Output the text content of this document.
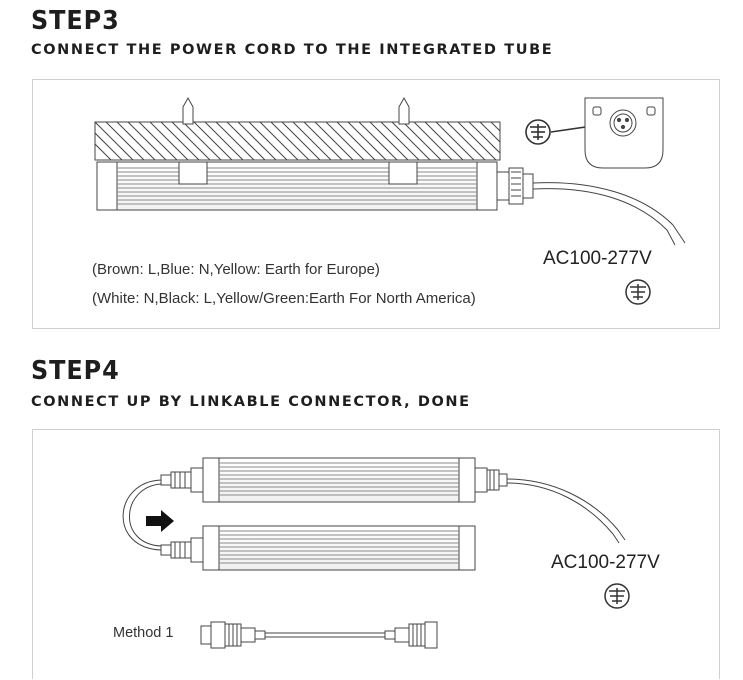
STEP3
CONNECT THE POWER CORD TO THE INTEGRATED TUBE
(Brown: L,Blue: N,Yellow: Earth for Europe)
(White: N,Black: L,Yellow/Green:Earth For North America)
AC100-277V
STEP4
CONNECT UP BY LINKABLE CONNECTOR, DONE
AC100-277V
Method 1
